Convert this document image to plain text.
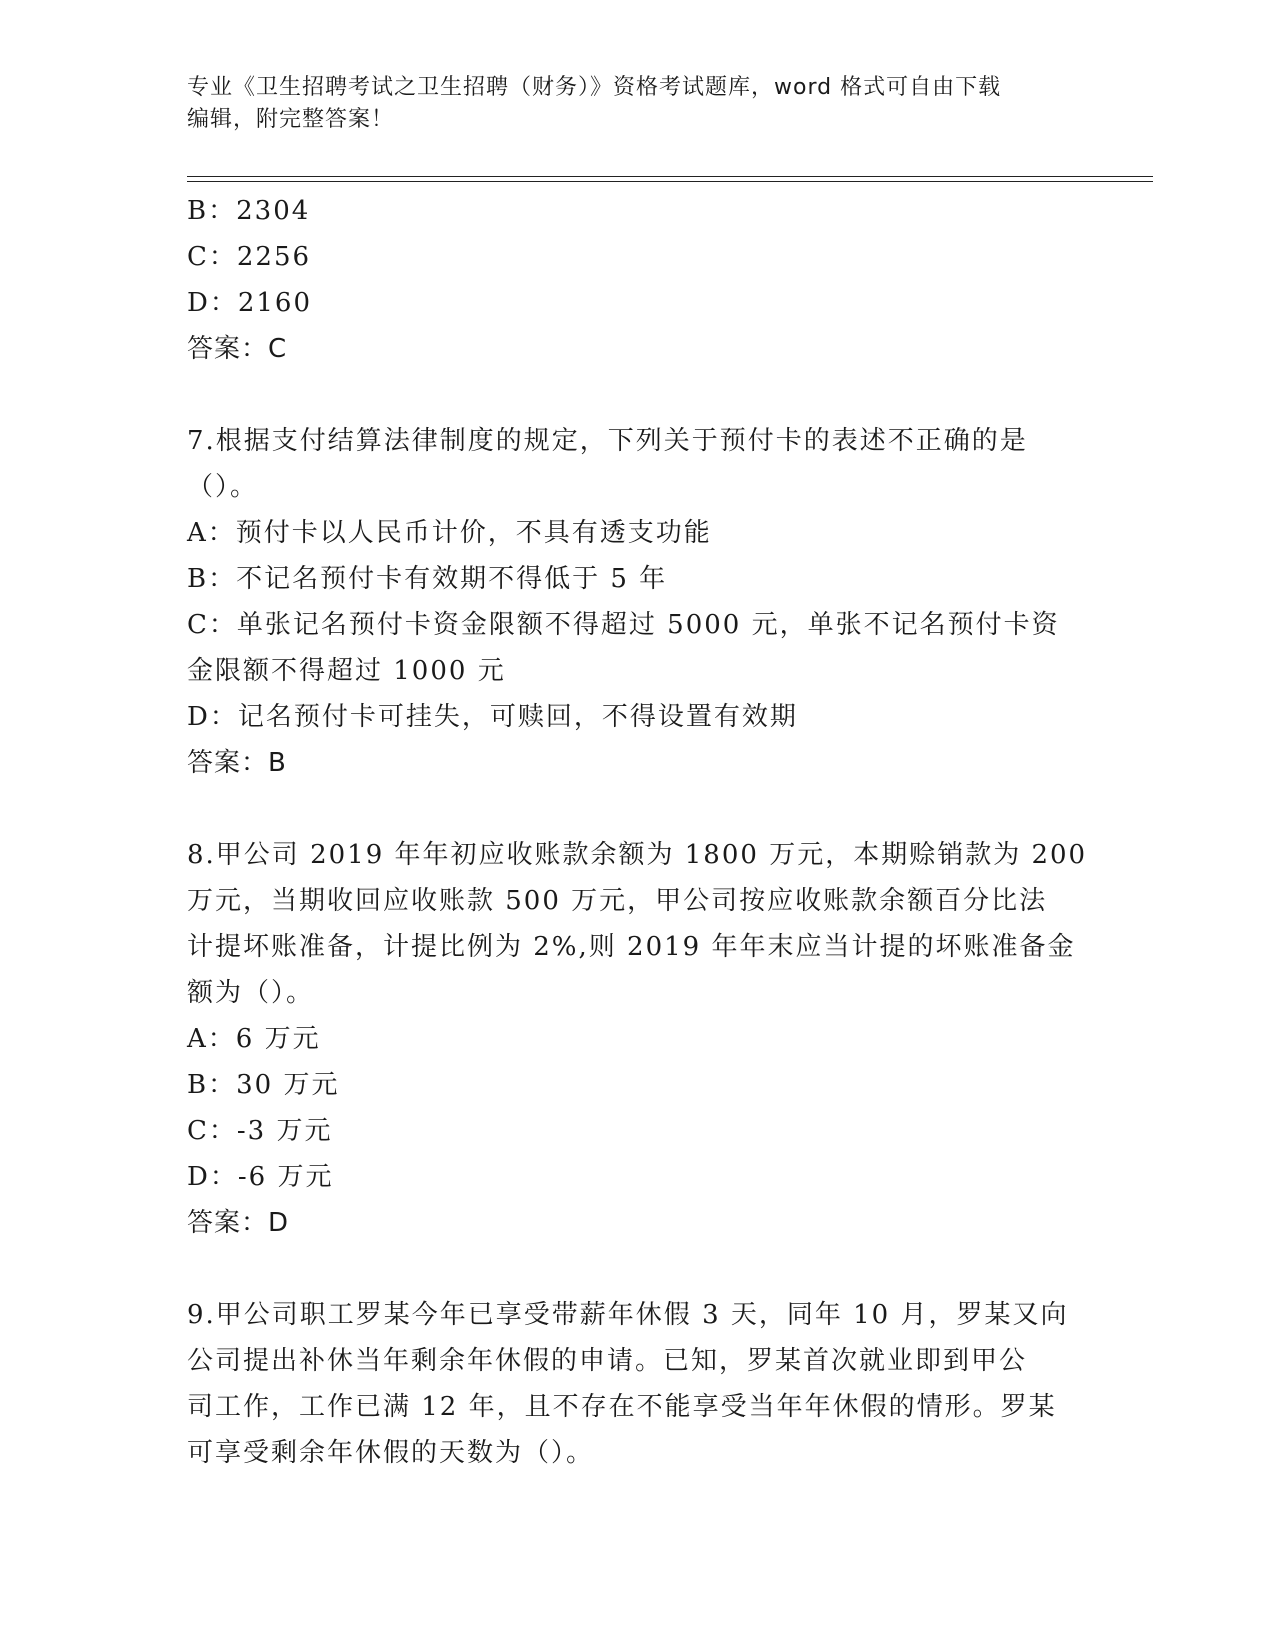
专业《卫生招聘考试之卫生招聘（财务）》资格考试题库，word 格式可自由下载
编辑，附完整答案！
B：2304
C：2256
D：2160
答案：C
7.根据支付结算法律制度的规定，下列关于预付卡的表述不正确的是
（）。
A：预付卡以人民币计价，不具有透支功能
B：不记名预付卡有效期不得低于 5 年
C：单张记名预付卡资金限额不得超过 5000 元，单张不记名预付卡资
金限额不得超过 1000 元
D：记名预付卡可挂失，可赎回，不得设置有效期
答案：B
8.甲公司 2019 年年初应收账款余额为 1800 万元，本期赊销款为 200
万元，当期收回应收账款 500 万元，甲公司按应收账款余额百分比法
计提坏账准备，计提比例为 2%,则 2019 年年末应当计提的坏账准备金
额为（）。
A：6 万元
B：30 万元
C：-3 万元
D：-6 万元
答案：D
9.甲公司职工罗某今年已享受带薪年休假 3 天，同年 10 月，罗某又向
公司提出补休当年剩余年休假的申请。已知，罗某首次就业即到甲公
司工作，工作已满 12 年，且不存在不能享受当年年休假的情形。罗某
可享受剩余年休假的天数为（）。
